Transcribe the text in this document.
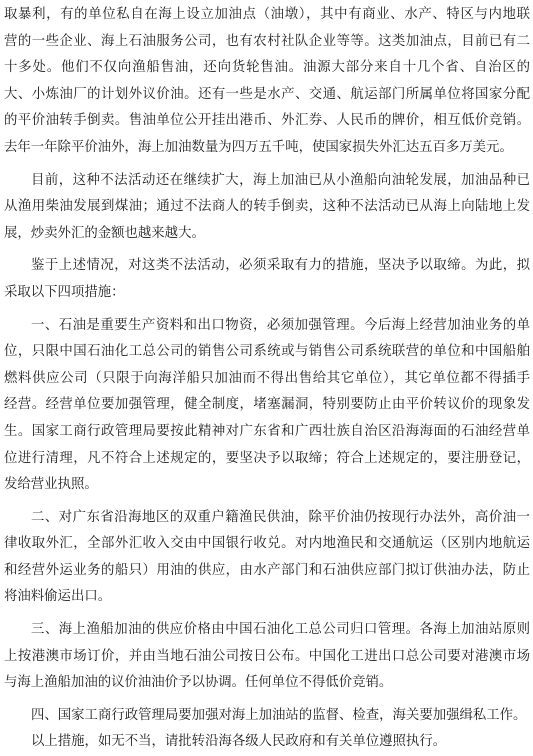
取暴利，有的单位私自在海上设立加油点（油墩），其中有商业、水产、特区与内地联
营的一些企业、海上石油服务公司，也有农村社队企业等等。这类加油点，目前已有二
十多处。他们不仅向渔船售油，还向货轮售油。油源大部分来自十几个省、自治区的
大、小炼油厂的计划外议价油。还有一些是水产、交通、航运部门所属单位将国家分配
的平价油转手倒卖。售油单位公开挂出港币、外汇券、人民币的牌价，相互低价竞销。
去年一年除平价油外，海上加油数量为四万五千吨，使国家损失外汇达五百多万美元。
目前，这种不法活动还在继续扩大，海上加油已从小渔船向油轮发展，加油品种已
从渔用柴油发展到煤油；通过不法商人的转手倒卖，这种不法活动已从海上向陆地上发
展，炒卖外汇的金额也越来越大。
鉴于上述情况，对这类不法活动，必须采取有力的措施，坚决予以取缔。为此，拟
采取以下四项措施：
一、石油是重要生产资料和出口物资，必须加强管理。今后海上经营加油业务的单
位，只限中国石油化工总公司的销售公司系统或与销售公司系统联营的单位和中国船舶
燃料供应公司（只限于向海洋船只加油而不得出售给其它单位），其它单位都不得插手
经营。经营单位要加强管理，健全制度，堵塞漏洞，特别要防止由平价转议价的现象发
生。国家工商行政管理局要按此精神对广东省和广西壮族自治区沿海海面的石油经营单
位进行清理，凡不符合上述规定的，要坚决予以取缔；符合上述规定的，要注册登记，
发给营业执照。
二、对广东省沿海地区的双重户籍渔民供油，除平价油仍按现行办法外，高价油一
律收取外汇，全部外汇收入交由中国银行收兑。对内地渔民和交通航运（区别内地航运
和经营外运业务的船只）用油的供应，由水产部门和石油供应部门拟订供油办法，防止
将油料偷运出口。
三、海上渔船加油的供应价格由中国石油化工总公司归口管理。各海上加油站原则
上按港澳市场订价，并由当地石油公司按日公布。中国化工进出口总公司要对港澳市场
与海上渔船加油的议价油油价予以协调。任何单位不得低价竞销。
四、国家工商行政管理局要加强对海上加油站的监督、检查，海关要加强缉私工作。
以上措施，如无不当，请批转沿海各级人民政府和有关单位遵照执行。
